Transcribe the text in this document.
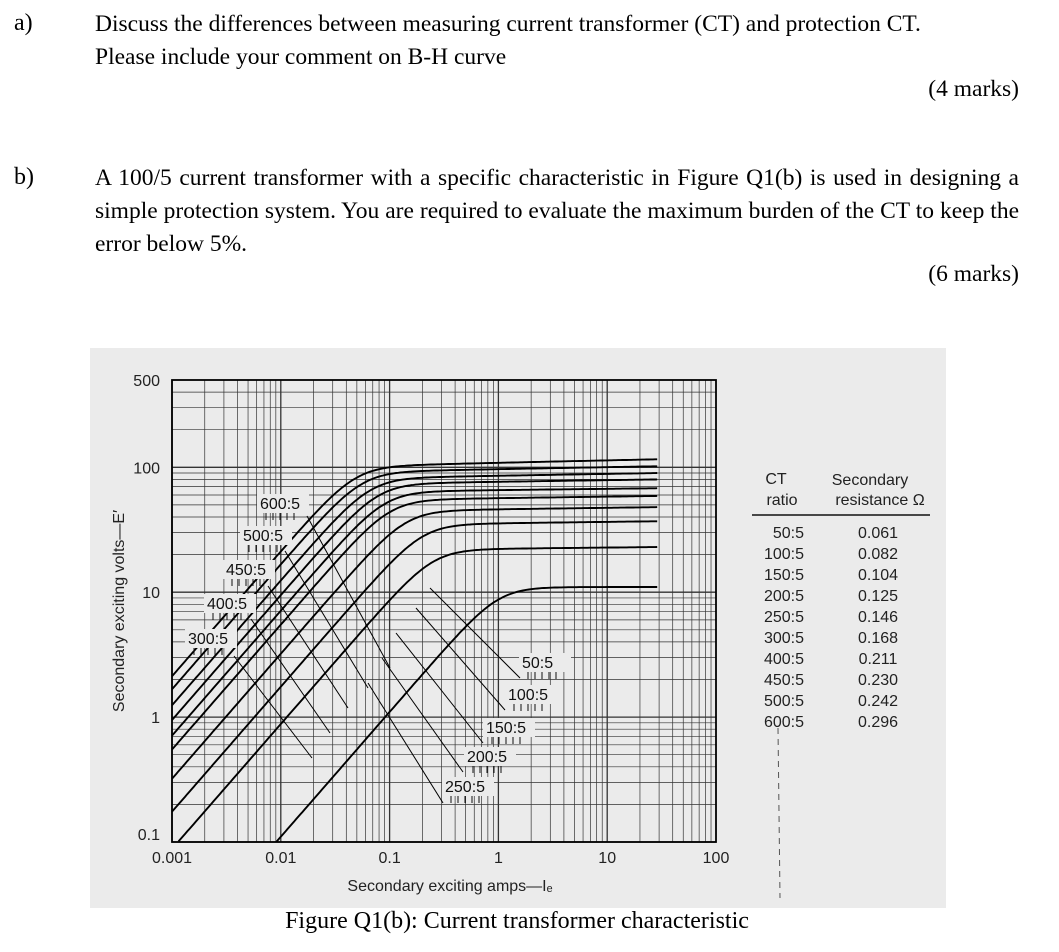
a)	Discuss the differences between measuring current transformer (CT) and protection CT.
Please include your comment on B-H curve
(4 marks)
b)	A 100/5 current transformer with a specific characteristic in Figure Q1(b) is used in designing a simple protection system. You are required to evaluate the maximum burden of the CT to keep the error below 5%.
(6 marks)
600:5
500:5
450:5
400:5
300:5
50:5
100:5
150:5
200:5
250:5
0.001	0.01	0.1	1	10	100
500
100
10
1
0.1
Secondary exciting volts—E′
Secondary exciting amps—Iₑ
CT
ratio
Secondary
resistance Ω
50:5	0.061
100:5	0.082
150:5	0.104
200:5	0.125
250:5	0.146
300:5	0.168
400:5	0.211
450:5	0.230
500:5	0.242
600:5	0.296
Figure Q1(b): Current transformer characteristic
